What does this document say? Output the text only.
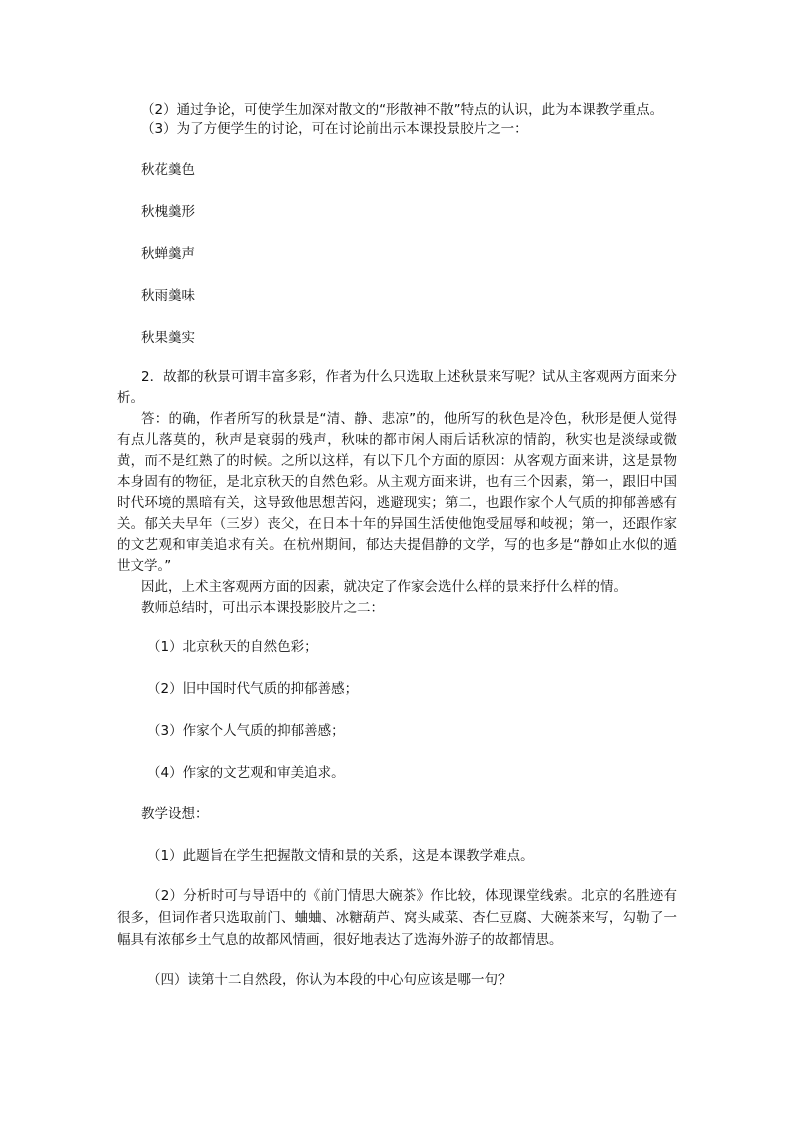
（2）通过争论，可使学生加深对散文的“形散神不散”特点的认识，此为本课教学重点。
（3）为了方便学生的讨论，可在讨论前出示本课投景胶片之一：
秋花羹色
秋槐羹形
秋蝉羹声
秋雨羹味
秋果羹实

2．故都的秋景可谓丰富多彩，作者为什么只选取上述秋景来写呢？试从主客观两方面来分析。

答：的确，作者所写的秋景是“清、静、悲凉”的，他所写的秋色是冷色，秋形是便人觉得有点儿落莫的，秋声是衰弱的残声，秋味的都市闲人雨后话秋凉的情韵，秋实也是淡绿或微黄，而不是红熟了的时候。之所以这样，有以下几个方面的原因：从客观方面来讲，这是景物本身固有的物征，是北京秋天的自然色彩。从主观方面来讲，也有三个因素，第一，跟旧中国时代环境的黑暗有关，这导致他思想苦闷，逃避现实；第二，也跟作家个人气质的抑郁善感有关。郁关夫早年（三岁）丧父，在日本十年的异国生活使他饱受屈辱和岐视；第一，还跟作家的文艺观和审美追求有关。在杭州期间，郁达夫提倡静的文学，写的也多是“静如止水似的遁世文学。”

因此，上术主客观两方面的因素，就决定了作家会选什么样的景来抒什么样的情。

教师总结时，可出示本课投影胶片之二：

（1）北京秋天的自然色彩；
（2）旧中国时代气质的抑郁善感；
（3）作家个人气质的抑郁善感；
（4）作家的文艺观和审美追求。
教学设想：
（1）此题旨在学生把握散文情和景的关系，这是本课教学难点。

（2）分析时可与导语中的《前门情思大碗茶》作比较，体现课堂线索。北京的名胜迹有很多，但词作者只选取前门、蛐蛐、冰糖葫芦、窝头咸菜、杏仁豆腐、大碗茶来写，勾勒了一幅具有浓郁乡土气息的故都风情画，很好地表达了选海外游子的故都情思。

（四）读第十二自然段，你认为本段的中心句应该是哪一句？
